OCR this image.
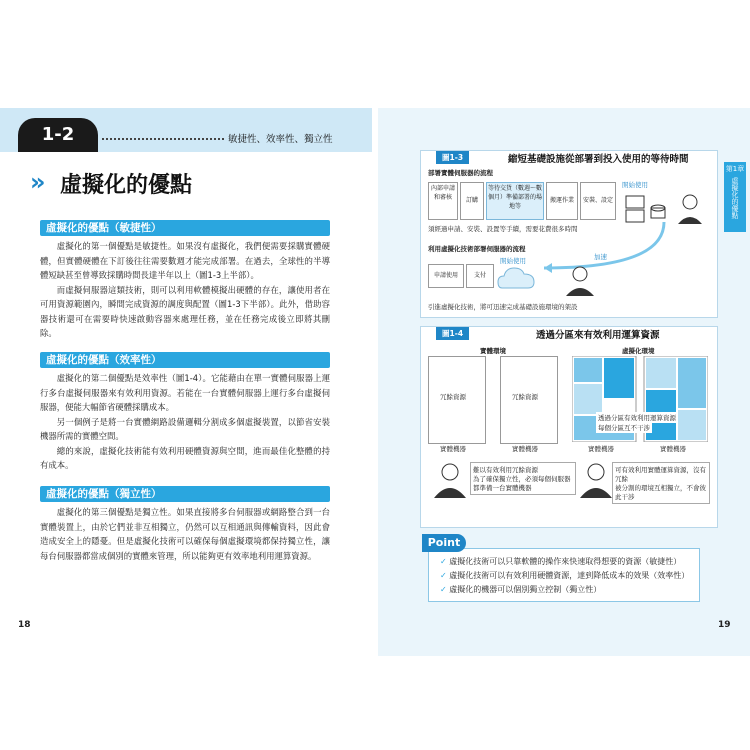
1-2	敏捷性、效率性、獨立性
» 虛擬化的優點
虛擬化的優點（敏捷性）
虛擬化的第一個優點是敏捷性。如果沒有虛擬化，我們便需要採購實體硬體，但實體硬體在下訂後往往需要數週才能完成部署。在過去，全球性的半導體短缺甚至曾導致採購時間長達半年以上（圖1-3上半部）。
而虛擬伺服器這類技術，則可以利用軟體模擬出硬體的存在，讓使用者在可用資源範圍內，瞬間完成資源的調度與配置（圖1-3下半部）。此外，借助容器技術還可在需要時快速啟動容器來處理任務，並在任務完成後立即將其刪除。
虛擬化的優點（效率性）
虛擬化的第二個優點是效率性（圖1-4）。它能藉由在單一實體伺服器上運行多台虛擬伺服器來有效利用資源。若能在一台實體伺服器上運行多台虛擬伺服器，便能大幅節省硬體採購成本。
另一個例子是將一台實體網路設備邏輯分割成多個虛擬裝置，以節省安裝機器所需的實體空間。
總的來說，虛擬化技術能有效利用硬體資源與空間，進而最佳化整體的持有成本。
虛擬化的優點（獨立性）
虛擬化的第三個優點是獨立性。如果直接將多台伺服器或網路整合到一台實體裝置上，由於它們並非互相獨立，仍然可以互相通訊與傳輸資料，因此會造成安全上的隱憂。但是虛擬化技術可以確保每個虛擬環境都保持獨立性，讓每台伺服器都當成個別的實體來管理，所以能夠更有效率地利用運算資源。
18
第1章
虛擬化的優點
圖1-3	縮短基礎設施從部署到投入使用的等待時間
部署實體伺服器的流程
內部申請和審核	訂購
等待交貨（數週～數個月）準備部署的場地等
搬運作業	安裝、設定
開始使用
須經過申請、安裝、設置等手續，需要花費很多時間
利用虛擬化技術部署伺服器的流程
申請使用	支付
開始使用	加速
引進虛擬化技術，將可迅速完成基礎設施環境的架設
圖1-4	透過分區來有效利用運算資源
實體環境	虛擬化環境
冗餘資源	冗餘資源
透過分區有效利用運算資源
每個分區互不干涉
實體機器	實體機器	實體機器	實體機器
難以有效利用冗餘資源
為了確保獨立性，必須每個伺服器都準備一台實體機器
可有效利用實體運算資源，沒有冗餘
被分割的環境互相獨立，不會彼此干涉
Point
✓ 虛擬化技術可以只靠軟體的操作來快速取得想要的資源（敏捷性）
✓ 虛擬化技術可以有效利用硬體資源，達到降低成本的效果（效率性）
✓ 虛擬化的機器可以個別獨立控制（獨立性）
19
